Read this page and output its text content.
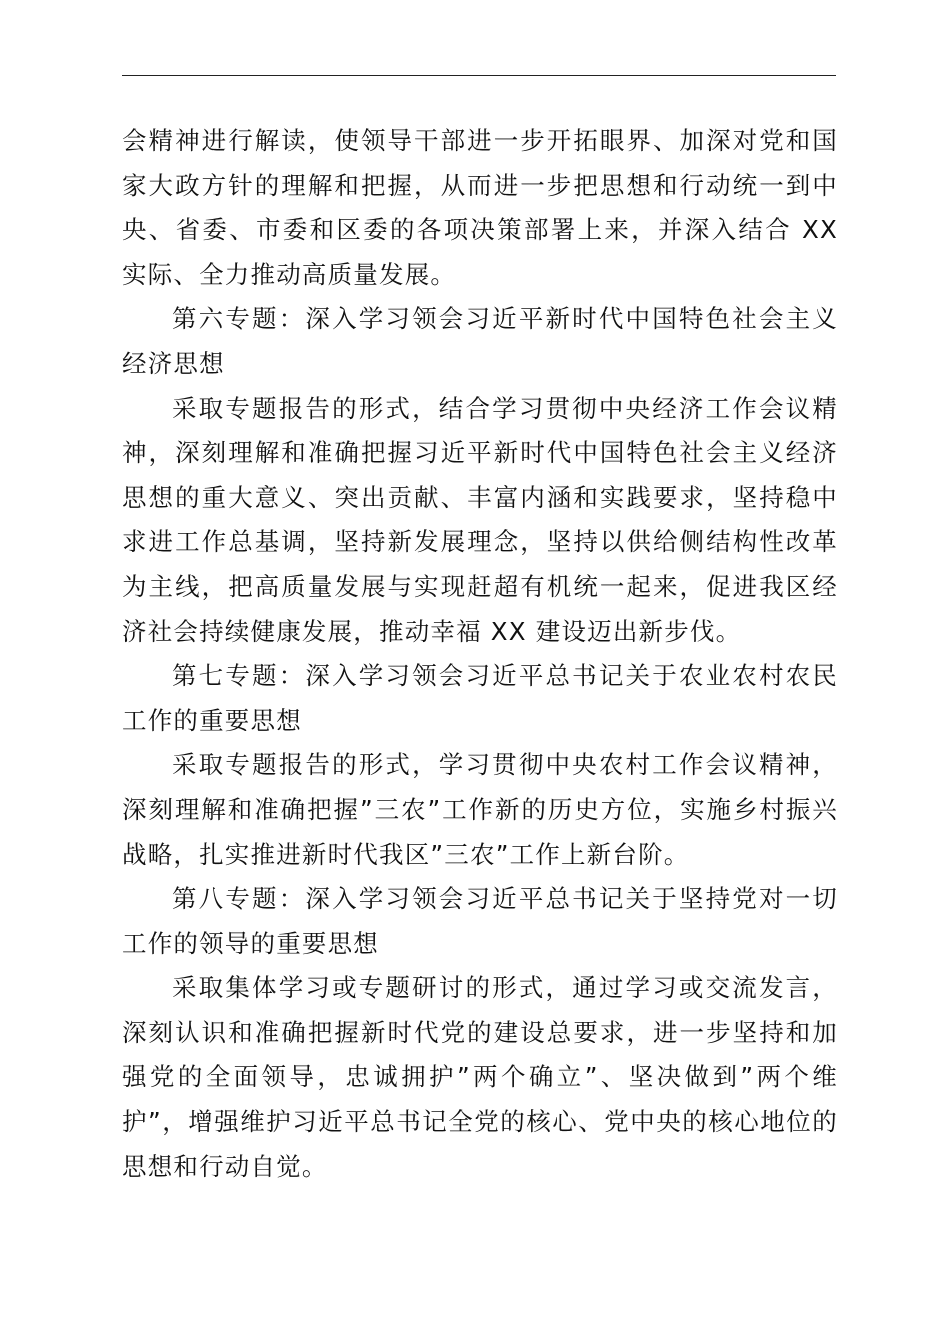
会精神进行解读，使领导干部进一步开拓眼界、加深对党和国家大政方针的理解和把握，从而进一步把思想和行动统一到中央、省委、市委和区委的各项决策部署上来，并深入结合 XX 实际、全力推动高质量发展。

第六专题：深入学习领会习近平新时代中国特色社会主义经济思想

采取专题报告的形式，结合学习贯彻中央经济工作会议精神，深刻理解和准确把握习近平新时代中国特色社会主义经济思想的重大意义、突出贡献、丰富内涵和实践要求，坚持稳中求进工作总基调，坚持新发展理念，坚持以供给侧结构性改革为主线，把高质量发展与实现赶超有机统一起来，促进我区经济社会持续健康发展，推动幸福 XX 建设迈出新步伐。

第七专题：深入学习领会习近平总书记关于农业农村农民工作的重要思想

采取专题报告的形式，学习贯彻中央农村工作会议精神，深刻理解和准确把握”三农”工作新的历史方位，实施乡村振兴战略，扎实推进新时代我区”三农”工作上新台阶。

第八专题：深入学习领会习近平总书记关于坚持党对一切工作的领导的重要思想

采取集体学习或专题研讨的形式，通过学习或交流发言，深刻认识和准确把握新时代党的建设总要求，进一步坚持和加强党的全面领导，忠诚拥护”两个确立”、坚决做到”两个维护”，增强维护习近平总书记全党的核心、党中央的核心地位的思想和行动自觉。
